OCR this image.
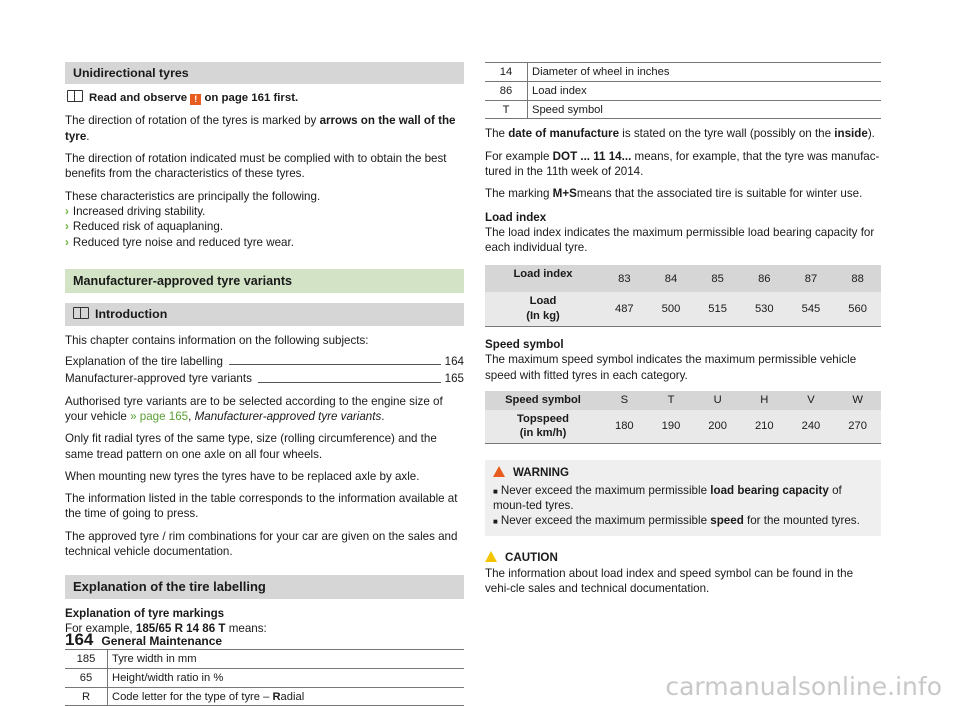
Unidirectional tyres
Read and observe ! on page 161 first.

The direction of rotation of the tyres is marked by arrows on the wall of the tyre.

The direction of rotation indicated must be complied with to obtain the best benefits from the characteristics of these tyres.

These characteristics are principally the following.

› Increased driving stability.
› Reduced risk of aquaplaning.
› Reduced tyre noise and reduced tyre wear.
Manufacturer-approved tyre variants
Introduction

This chapter contains information on the following subjects:

Explanation of the tire labelling	164
Manufacturer-approved tyre variants	165

Authorised tyre variants are to be selected according to the engine size of your vehicle » page 165, Manufacturer-approved tyre variants.

Only fit radial tyres of the same type, size (rolling circumference) and the same tread pattern on one axle on all four wheels.

When mounting new tyres the tyres have to be replaced axle by axle.

The information listed in the table corresponds to the information available at the time of going to press.

The approved tyre / rim combinations for your car are given on the sales and technical vehicle documentation.

Explanation of the tire labelling
Explanation of tyre markings
For example, 185/65 R 14 86 T means:
185	Tyre width in mm
65	Height/width ratio in %
R	Code letter for the type of tyre – Radial
14	Diameter of wheel in inches
86	Load index
T	Speed symbol

The date of manufacture is stated on the tyre wall (possibly on the inside).

For example DOT ... 11 14... means, for example, that the tyre was manufac-tured in the 11th week of 2014.

The marking M+Smeans that the associated tire is suitable for winter use.

Load index

The load index indicates the maximum permissible load bearing capacity for each individual tyre.
Load index	83	84	85	86	87	88
Load
(In kg)	487	500	515	530	545	560

Speed symbol

The maximum speed symbol indicates the maximum permissible vehicle speed with fitted tyres in each category.
Speed symbol	S	T	U	H	V	W
Topspeed
(in km/h)	180	190	200	210	240	270
WARNING
■ Never exceed the maximum permissible load bearing capacity of moun-ted tyres.
■ Never exceed the maximum permissible speed for the mounted tyres.
CAUTION
The information about load index and speed symbol can be found in the vehi-cle sales and technical documentation.
164 General Maintenance
carmanualsonline.info
